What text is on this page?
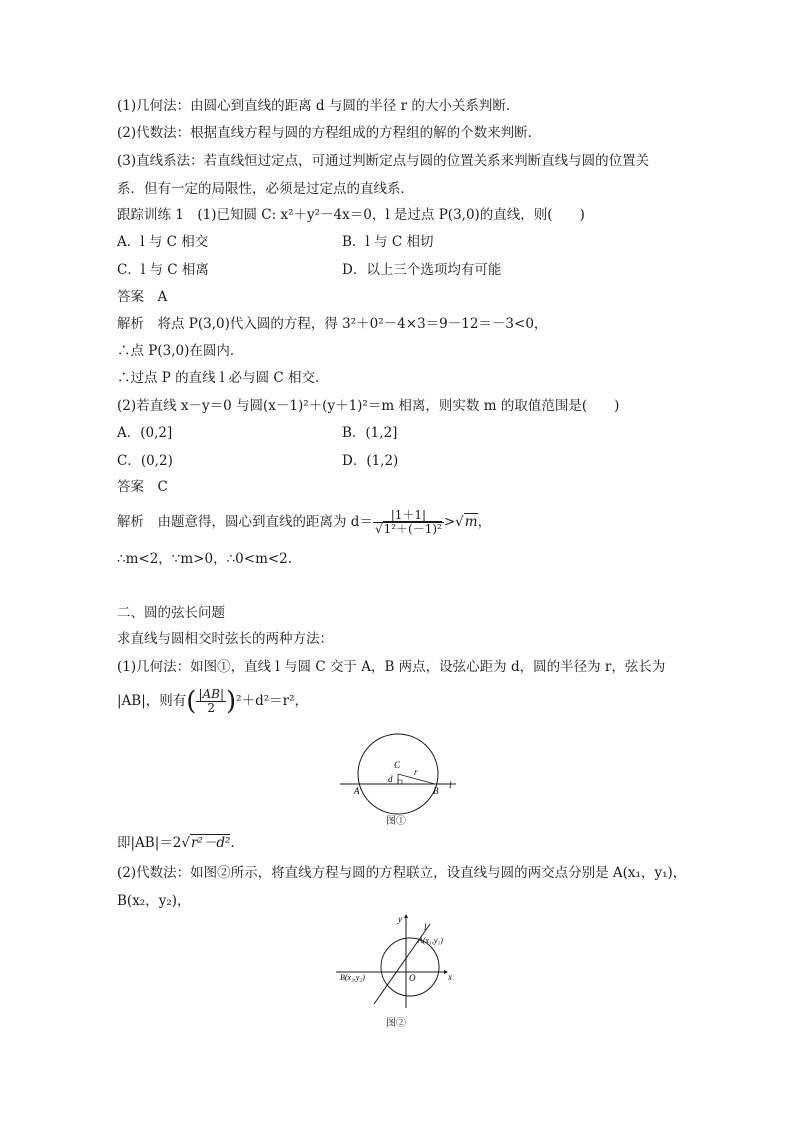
(1)几何法：由圆心到直线的距离 d 与圆的半径 r 的大小关系判断．
(2)代数法：根据直线方程与圆的方程组成的方程组的解的个数来判断．
(3)直线系法：若直线恒过定点，可通过判断定点与圆的位置关系来判断直线与圆的位置关
系．但有一定的局限性，必须是过定点的直线系．
跟踪训练 1　(1)已知圆 C: x²＋y²－4x＝0，l 是过点 P(3,0)的直线，则(　　)
A．l 与 C 相交	B．l 与 C 相切
C．l 与 C 相离	D．以上三个选项均有可能
答案　A
解析　将点 P(3,0)代入圆的方程，得 3²＋0²－4×3＝9－12＝－3<0，
∴点 P(3,0)在圆内．
∴过点 P 的直线 l 必与圆 C 相交．
(2)若直线 x－y＝0 与圆(x－1)²＋(y＋1)²＝m 相离，则实数 m 的取值范围是(　　)
A．(0,2]	B．(1,2]
C．(0,2)	D．(1,2)
答案　C
解析　由题意得，圆心到直线的距离为 $d= \frac{|1+1|}{\text{√1²＋(－1)²}} >√m$，
∴m<2，∵m>0，∴0<m<2.
二、圆的弦长问题
求直线与圆相交时弦长的两种方法：
(1)几何法：如图①，直线 l 与圆 C 交于 A，B 两点，设弦心距为 d，圆的半径为 r，弦长为
|AB|，则有( $\frac{|AB|}{2} )^2+d^2=r^2$，
C
d
r
A	B
l
图①
即|AB|＝2√r²－d².
(2)代数法：如图②所示，将直线方程与圆的方程联立，设直线与圆的两交点分别是 A(x₁，y₁)，
B(x₂，y₂)，
y
l
A(x₁,y₁)
B(x₂,y₂)	O	x
图②
